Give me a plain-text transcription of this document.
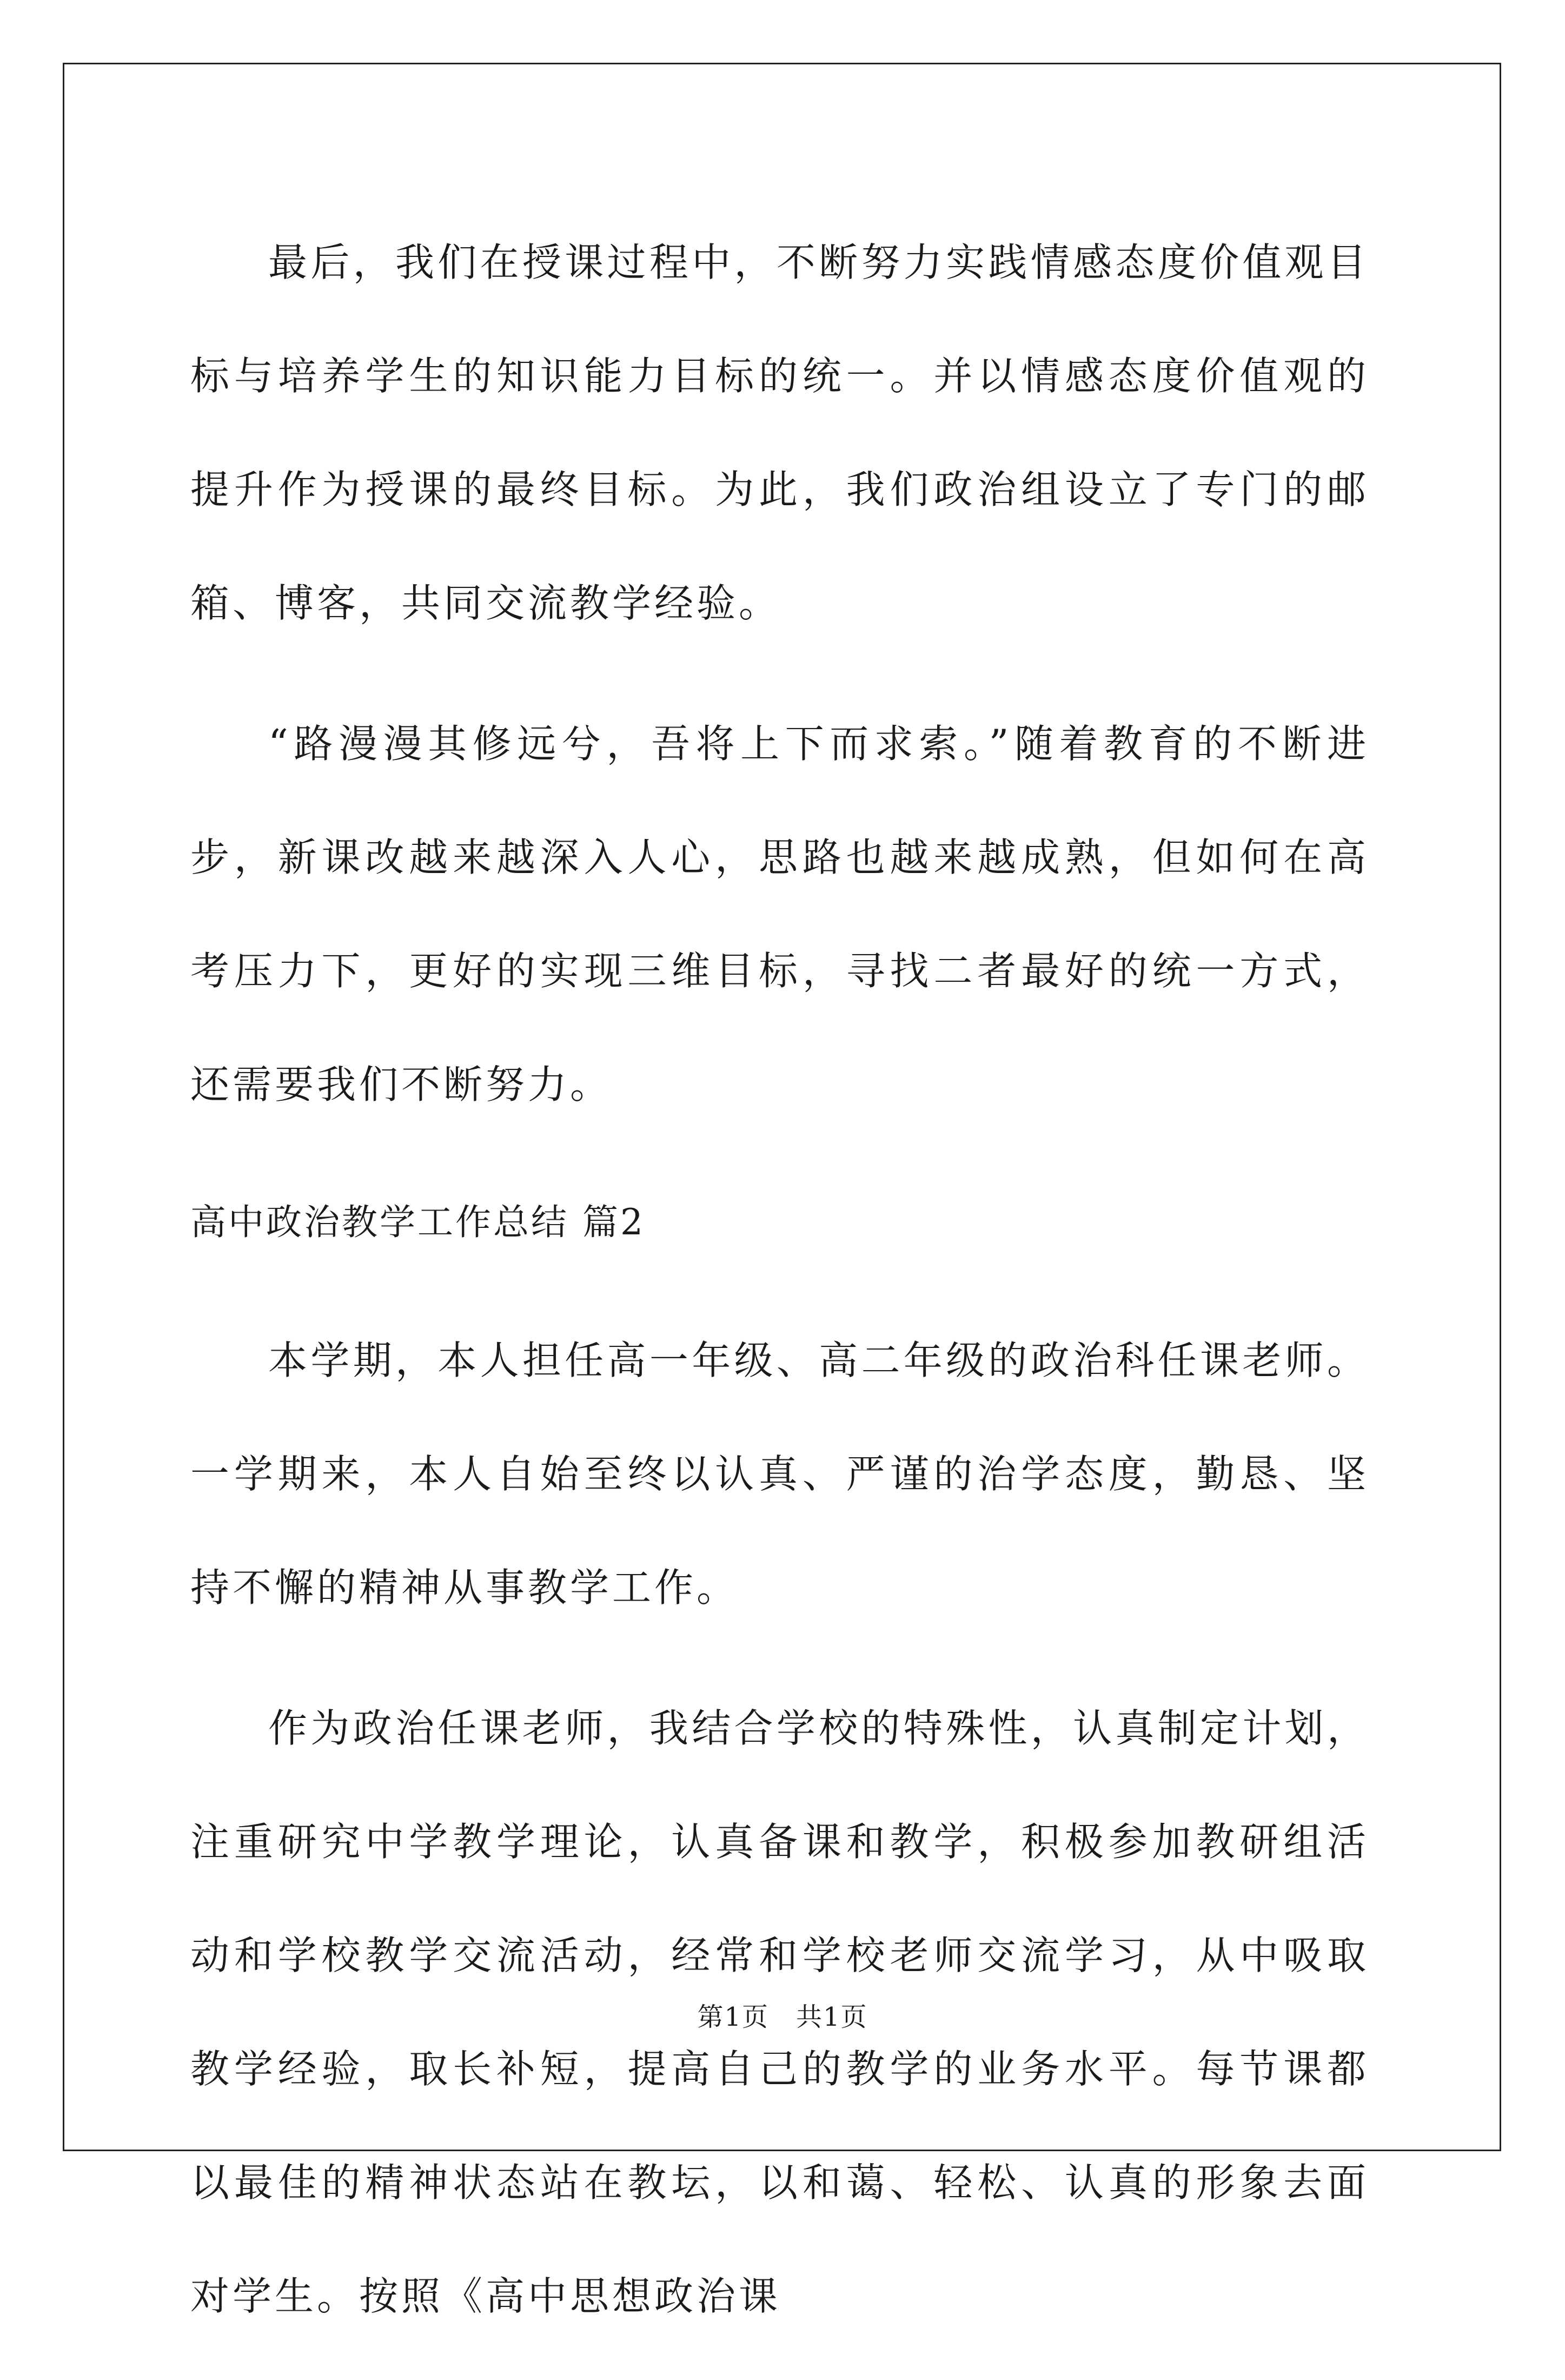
最后，我们在授课过程中，不断努力实践情感态度价值观目标与培养学生的知识能力目标的统一。并以情感态度价值观的提升作为授课的最终目标。为此，我们政治组设立了专门的邮箱、博客，共同交流教学经验。

“路漫漫其修远兮，吾将上下而求索。”随着教育的不断进步，新课改越来越深入人心，思路也越来越成熟，但如何在高考压力下，更好的实现三维目标，寻找二者最好的统一方式，还需要我们不断努力。

高中政治教学工作总结 篇2

本学期，本人担任高一年级、高二年级的政治科任课老师。一学期来，本人自始至终以认真、严谨的治学态度，勤恳、坚持不懈的精神从事教学工作。

作为政治任课老师，我结合学校的特殊性，认真制定计划，注重研究中学教学理论，认真备课和教学，积极参加教研组活动和学校教学交流活动，经常和学校老师交流学习，从中吸取教学经验，取长补短，提高自己的教学的业务水平。每节课都以最佳的精神状态站在教坛，以和蔼、轻松、认真的形象去面对学生。按照《高中思想政治课

第1页　共1页
